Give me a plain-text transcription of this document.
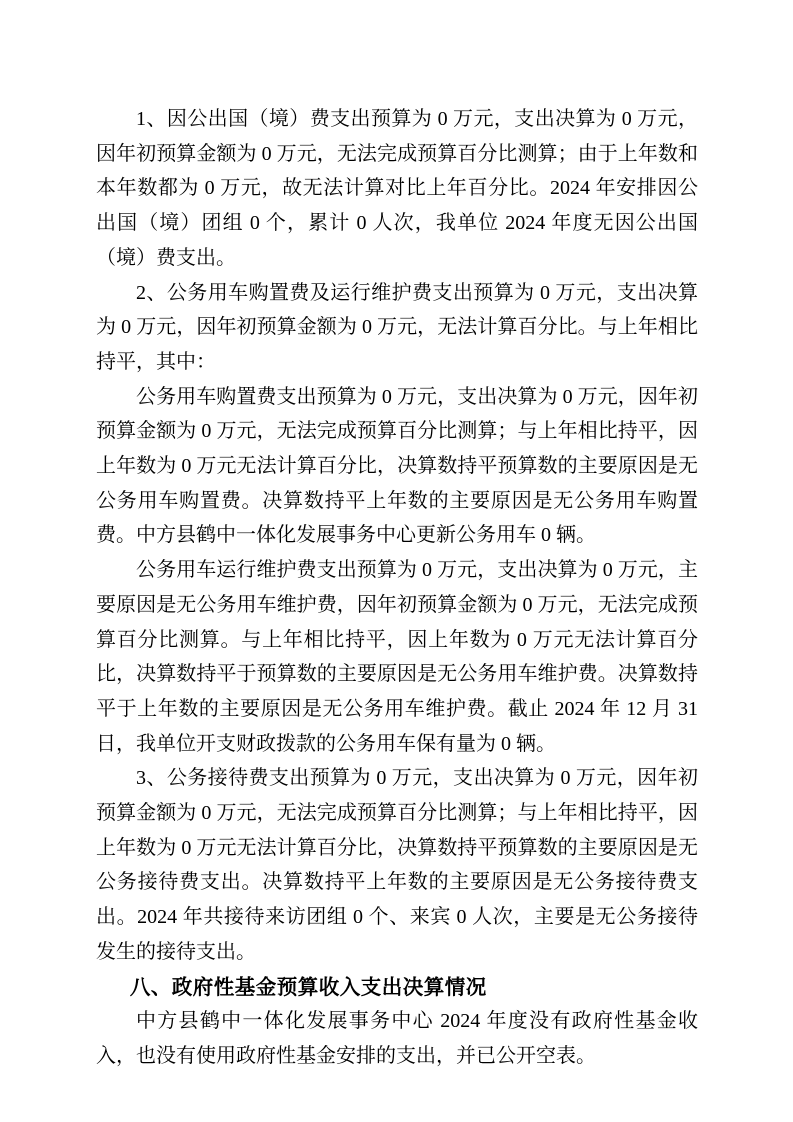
1、因公出国（境）费支出预算为 0 万元，支出决算为 0 万元，因年初预算金额为 0 万元，无法完成预算百分比测算；由于上年数和本年数都为 0 万元，故无法计算对比上年百分比。2024 年安排因公出国（境）团组 0 个，累计 0 人次，我单位 2024 年度无因公出国（境）费支出。

2、公务用车购置费及运行维护费支出预算为 0 万元，支出决算为 0 万元，因年初预算金额为 0 万元，无法计算百分比。与上年相比持平，其中：

公务用车购置费支出预算为 0 万元，支出决算为 0 万元，因年初预算金额为 0 万元，无法完成预算百分比测算；与上年相比持平，因上年数为 0 万元无法计算百分比，决算数持平预算数的主要原因是无公务用车购置费。决算数持平上年数的主要原因是无公务用车购置费。中方县鹤中一体化发展事务中心更新公务用车 0 辆。

公务用车运行维护费支出预算为 0 万元，支出决算为 0 万元，主要原因是无公务用车维护费，因年初预算金额为 0 万元，无法完成预算百分比测算。与上年相比持平，因上年数为 0 万元无法计算百分比，决算数持平于预算数的主要原因是无公务用车维护费。决算数持平于上年数的主要原因是无公务用车维护费。截止 2024 年 12 月 31 日，我单位开支财政拨款的公务用车保有量为 0 辆。

3、公务接待费支出预算为 0 万元，支出决算为 0 万元，因年初预算金额为 0 万元，无法完成预算百分比测算；与上年相比持平，因上年数为 0 万元无法计算百分比，决算数持平预算数的主要原因是无公务接待费支出。决算数持平上年数的主要原因是无公务接待费支出。2024 年共接待来访团组 0 个、来宾 0 人次，主要是无公务接待发生的接待支出。

八、政府性基金预算收入支出决算情况

中方县鹤中一体化发展事务中心 2024 年度没有政府性基金收入，也没有使用政府性基金安排的支出，并已公开空表。
